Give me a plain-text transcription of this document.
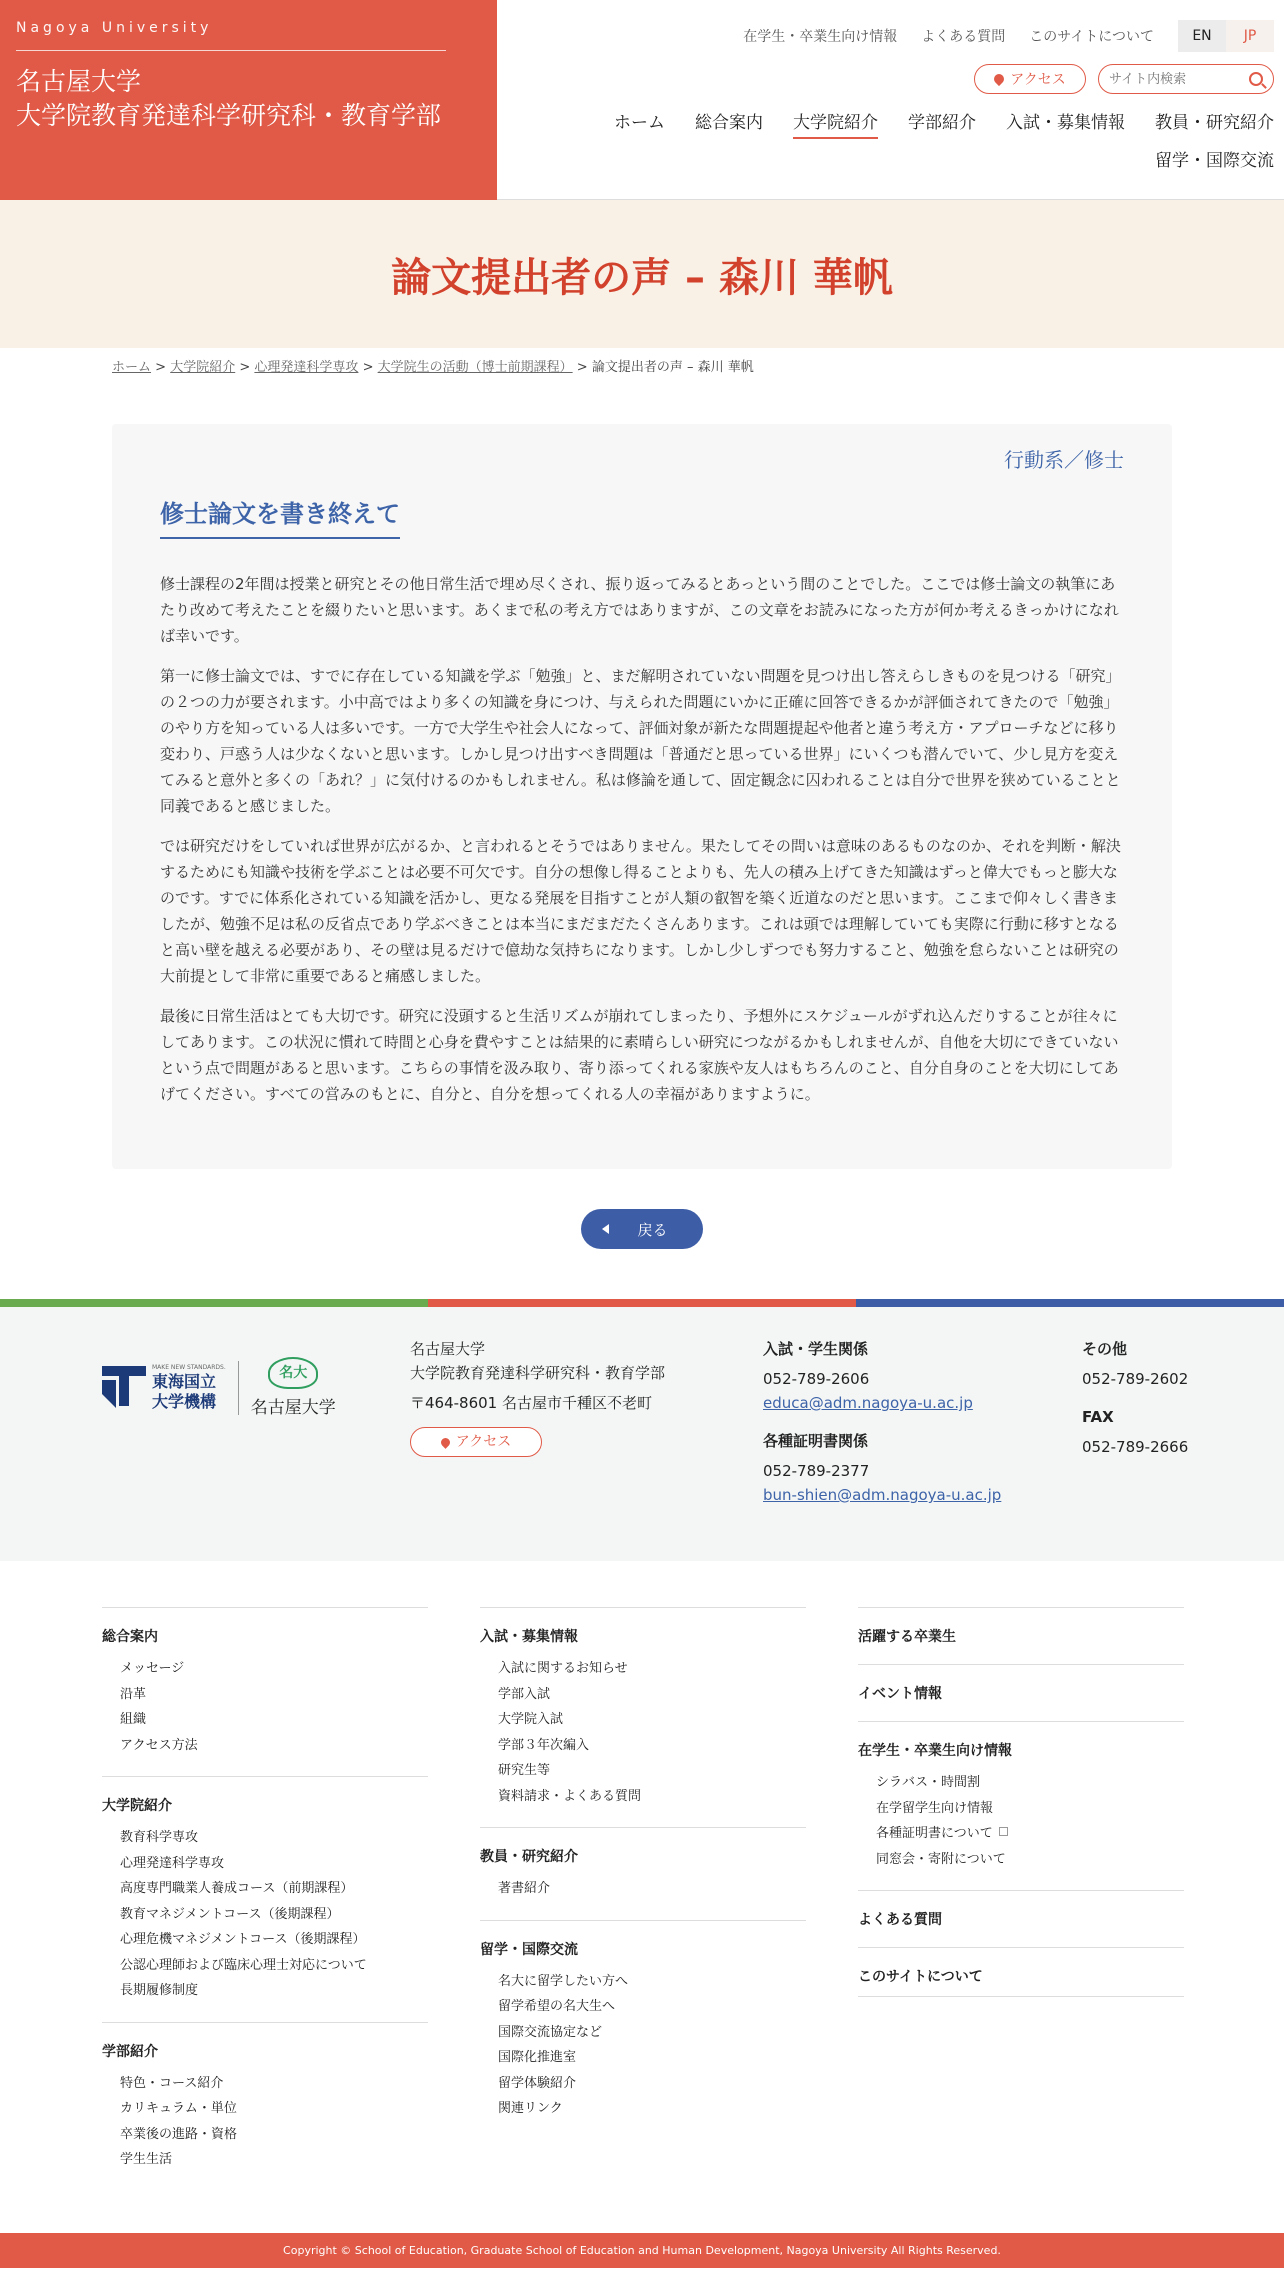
Nagoya University
名古屋大学
大学院教育発達科学研究科・教育学部
在学生・卒業生向け情報 よくある質問 このサイトについて	EN	JP
アクセス
サイト内検索
ホーム 総合案内 大学院紹介 学部紹介 入試・募集情報 教員・研究紹介
留学・国際交流
論文提出者の声 – 森川 華帆
ホーム > 大学院紹介 > 心理発達科学専攻 > 大学院生の活動（博士前期課程） > 論文提出者の声 – 森川 華帆
行動系／修士
修士論文を書き終えて

修士課程の2年間は授業と研究とその他日常生活で埋め尽くされ、振り返ってみるとあっという間のことでした。ここでは修士論文の執筆にあたり改めて考えたことを綴りたいと思います。あくまで私の考え方ではありますが、この文章をお読みになった方が何か考えるきっかけになれば幸いです。

第一に修士論文では、すでに存在している知識を学ぶ「勉強」と、まだ解明されていない問題を見つけ出し答えらしきものを見つける「研究」の２つの力が要されます。小中高ではより多くの知識を身につけ、与えられた問題にいかに正確に回答できるかが評価されてきたので「勉強」のやり方を知っている人は多いです。一方で大学生や社会人になって、評価対象が新たな問題提起や他者と違う考え方・アプローチなどに移り変わり、戸惑う人は少なくないと思います。しかし見つけ出すべき問題は「普通だと思っている世界」にいくつも潜んでいて、少し見方を変えてみると意外と多くの「あれ？」に気付けるのかもしれません。私は修論を通して、固定観念に囚われることは自分で世界を狭めていることと同義であると感じました。

では研究だけをしていれば世界が広がるか、と言われるとそうではありません。果たしてその問いは意味のあるものなのか、それを判断・解決するためにも知識や技術を学ぶことは必要不可欠です。自分の想像し得ることよりも、先人の積み上げてきた知識はずっと偉大でもっと膨大なのです。すでに体系化されている知識を活かし、更なる発展を目指すことが人類の叡智を築く近道なのだと思います。ここまで仰々しく書きましたが、勉強不足は私の反省点であり学ぶべきことは本当にまだまだたくさんあります。これは頭では理解していても実際に行動に移すとなると高い壁を越える必要があり、その壁は見るだけで億劫な気持ちになります。しかし少しずつでも努力すること、勉強を怠らないことは研究の大前提として非常に重要であると痛感しました。

最後に日常生活はとても大切です。研究に没頭すると生活リズムが崩れてしまったり、予想外にスケジュールがずれ込んだりすることが往々にしてあります。この状況に慣れて時間と心身を費やすことは結果的に素晴らしい研究につながるかもしれませんが、自他を大切にできていないという点で問題があると思います。こちらの事情を汲み取り、寄り添ってくれる家族や友人はもちろんのこと、自分自身のことを大切にしてあげてください。すべての営みのもとに、自分と、自分を想ってくれる人の幸福がありますように。

戻る
MAKE NEW STANDARDS.
東海国立
大学機構
名大
名古屋大学
名古屋大学
大学院教育発達科学研究科・教育学部
〒464-8601 名古屋市千種区不老町
アクセス
入試・学生関係
052-789-2606
educa@adm.nagoya-u.ac.jp
各種証明書関係
052-789-2377
bun-shien@adm.nagoya-u.ac.jp
その他
052-789-2602
FAX
052-789-2666
総合案内
メッセージ
沿革
組織
アクセス方法
大学院紹介
教育科学専攻
心理発達科学専攻
高度専門職業人養成コース（前期課程）
教育マネジメントコース（後期課程）
心理危機マネジメントコース（後期課程）
公認心理師および臨床心理士対応について
長期履修制度
学部紹介
特色・コース紹介
カリキュラム・単位
卒業後の進路・資格
学生生活
入試・募集情報
入試に関するお知らせ
学部入試
大学院入試
学部３年次編入
研究生等
資料請求・よくある質問
教員・研究紹介
著書紹介
留学・国際交流
名大に留学したい方へ
留学希望の名大生へ
国際交流協定など
国際化推進室
留学体験紹介
関連リンク
活躍する卒業生
イベント情報
在学生・卒業生向け情報
シラバス・時間割
在学留学生向け情報
各種証明書について
同窓会・寄附について
よくある質問
このサイトについて
Copyright © School of Education, Graduate School of Education and Human Development, Nagoya University All Rights Reserved.
